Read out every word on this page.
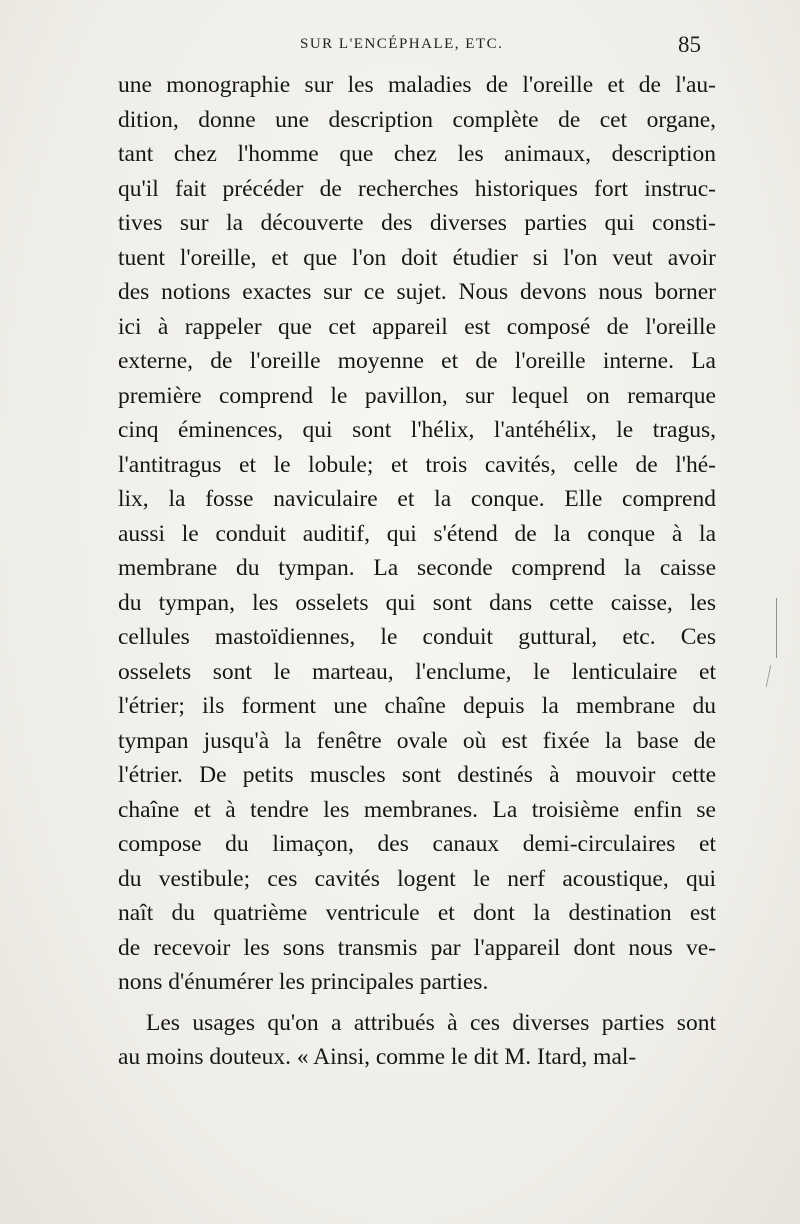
SUR L'ENCÉPHALE, ETC.	85
une monographie sur les maladies de l'oreille et de l'au-
dition, donne une description complète de cet organe,
tant chez l'homme que chez les animaux, description
qu'il fait précéder de recherches historiques fort instruc-
tives sur la découverte des diverses parties qui consti-
tuent l'oreille, et que l'on doit étudier si l'on veut avoir
des notions exactes sur ce sujet. Nous devons nous borner
ici à rappeler que cet appareil est composé de l'oreille
externe, de l'oreille moyenne et de l'oreille interne. La
première comprend le pavillon, sur lequel on remarque
cinq éminences, qui sont l'hélix, l'antéhélix, le tragus,
l'antitragus et le lobule; et trois cavités, celle de l'hé-
lix, la fosse naviculaire et la conque. Elle comprend
aussi le conduit auditif, qui s'étend de la conque à la
membrane du tympan. La seconde comprend la caisse
du tympan, les osselets qui sont dans cette caisse, les
cellules mastoïdiennes, le conduit guttural, etc. Ces
osselets sont le marteau, l'enclume, le lenticulaire et
l'étrier; ils forment une chaîne depuis la membrane du
tympan jusqu'à la fenêtre ovale où est fixée la base de
l'étrier. De petits muscles sont destinés à mouvoir cette
chaîne et à tendre les membranes. La troisième enfin se
compose du limaçon, des canaux demi-circulaires et
du vestibule; ces cavités logent le nerf acoustique, qui
naît du quatrième ventricule et dont la destination est
de recevoir les sons transmis par l'appareil dont nous ve-
nons d'énumérer les principales parties.
Les usages qu'on a attribués à ces diverses parties sont
au moins douteux. « Ainsi, comme le dit M. Itard, mal-
